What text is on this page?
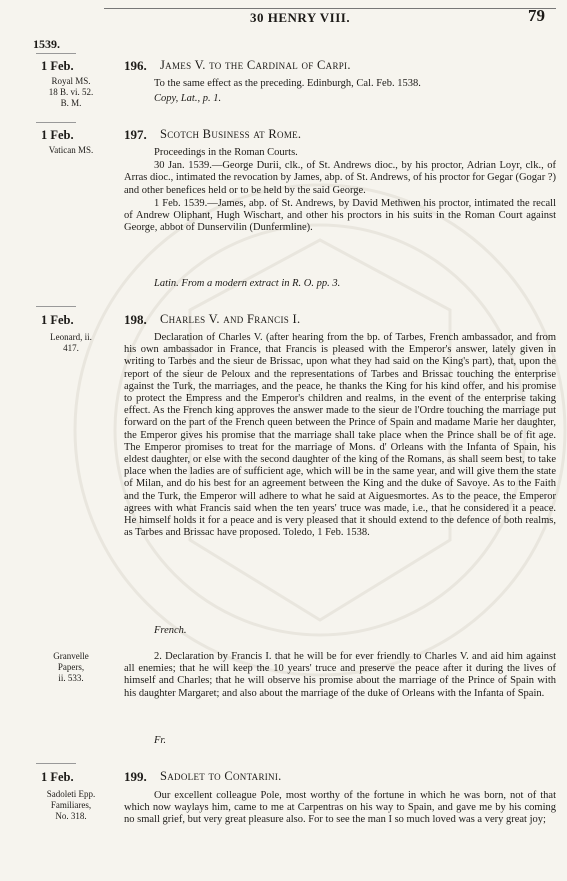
30 HENRY VIII.	79
1539.
1 Feb.	196. James V. to the Cardinal of Carpi.
Royal MS.
18 B. vi. 52.
B. M.

To the same effect as the preceding. Edinburgh, Cal. Feb. 1538.

Copy, Lat., p. 1.
1 Feb.	197. Scotch Business at Rome.
Vatican MS.	Proceedings in the Roman Courts.

30 Jan. 1539.—George Durii, clk., of St. Andrews dioc., by his proctor, Adrian Loyr, clk., of Arras dioc., intimated the revocation by James, abp. of St. Andrews, of his proctor for Gegar (Gogar ?) and other benefices held or to be held by the said George.

1 Feb. 1539.—James, abp. of St. Andrews, by David Methwen his proctor, intimated the recall of Andrew Oliphant, Hugh Wischart, and other his proctors in his suits in the Roman Court against George, abbot of Dunservilin (Dunfermline).

Latin. From a modern extract in R. O. pp. 3.
1 Feb.	198. Charles V. and Francis I.
Leonard, ii.
417.

Declaration of Charles V. (after hearing from the bp. of Tarbes, French ambassador, and from his own ambassador in France, that Francis is pleased with the Emperor's answer, lately given in writing to Tarbes and the sieur de Brissac, upon what they had said on the King's part), that, upon the report of the sieur de Peloux and the representations of Tarbes and Brissac touching the enterprise against the Turk, the marriages, and the peace, he thanks the King for his kind offer, and his promise to protect the Empress and the Emperor's children and realms, in the event of the enterprise taking effect. As the French king approves the answer made to the sieur de l'Ordre touching the marriage put forward on the part of the French queen between the Prince of Spain and madame Marie her daughter, the Emperor gives his promise that the marriage shall take place when the Prince shall be of fit age. The Emperor promises to treat for the marriage of Mons. d' Orleans with the Infanta of Spain, his eldest daughter, or else with the second daughter of the king of the Romans, as shall seem best, to take place when the ladies are of sufficient age, which will be in the same year, and will give them the state of Milan, and do his best for an agreement between the King and the duke of Savoye. As to the Faith and the Turk, the Emperor will adhere to what he said at Aiguesmortes. As to the peace, the Emperor agrees with what Francis said when the ten years' truce was made, i.e., that he considered it a peace. He himself holds it for a peace and is very pleased that it should extend to the defence of both realms, as Tarbes and Brissac have proposed. Toledo, 1 Feb. 1538.

French.
Granvelle
Papers,
ii. 533.

2. Declaration by Francis I. that he will be for ever friendly to Charles V. and aid him against all enemies; that he will keep the 10 years' truce and preserve the peace after it during the lives of himself and Charles; that he will observe his promise about the marriage of the Prince of Spain with his daughter Margaret; and also about the marriage of the duke of Orleans with the Infanta of Spain.

Fr.
1 Feb.	199. Sadolet to Contarini.
Sadoleti Epp.
Familiares,
No. 318.

Our excellent colleague Pole, most worthy of the fortune in which he was born, not of that which now waylays him, came to me at Carpentras on his way to Spain, and gave me by his coming no small grief, but very great pleasure also. For to see the man I so much loved was a very great joy;
